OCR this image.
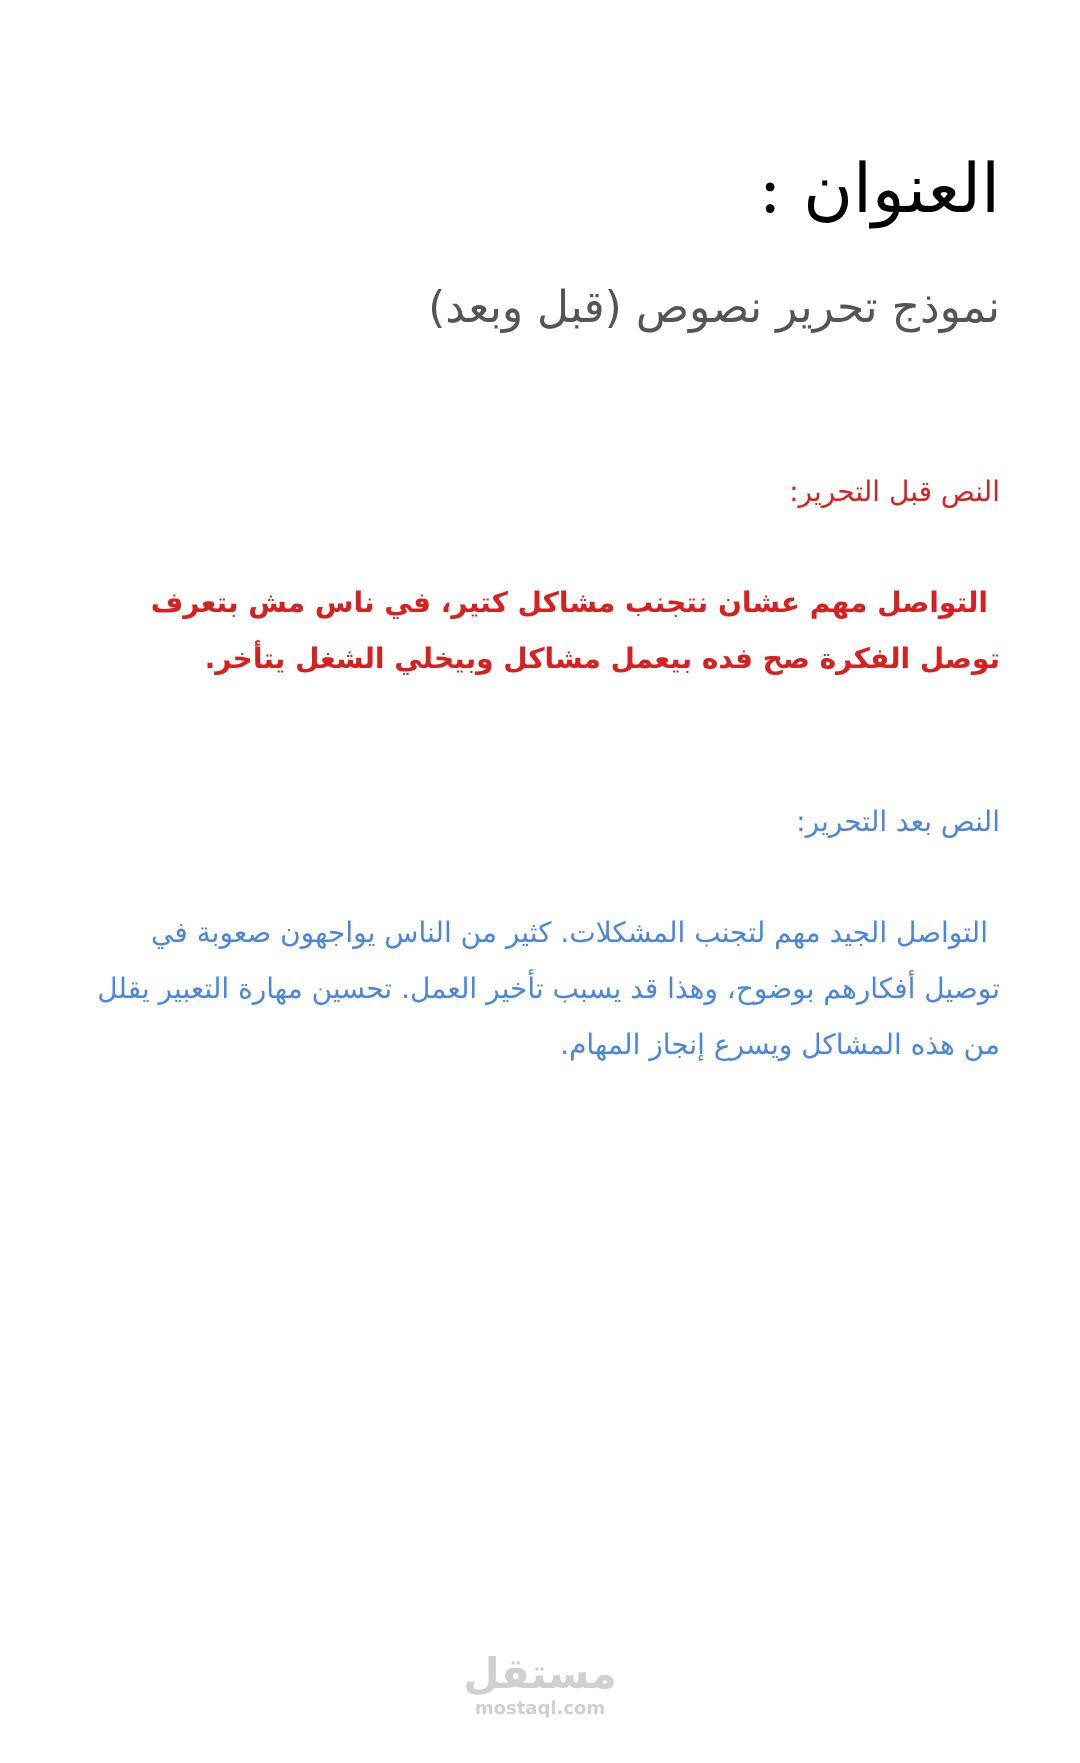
العنوان :
نموذج تحرير نصوص (قبل وبعد)
النص قبل التحرير:
التواصل مهم عشان نتجنب مشاكل كتير، في ناس مش بتعرف توصل الفكرة صح فده بيعمل مشاكل وبيخلي الشغل يتأخر.
النص بعد التحرير:
التواصل الجيد مهم لتجنب المشكلات. كثير من الناس يواجهون صعوبة في توصيل أفكارهم بوضوح، وهذا قد يسبب تأخير العمل. تحسين مهارة التعبير يقلل من هذه المشاكل ويسرع إنجاز المهام.
مستقل
mostaql.com
